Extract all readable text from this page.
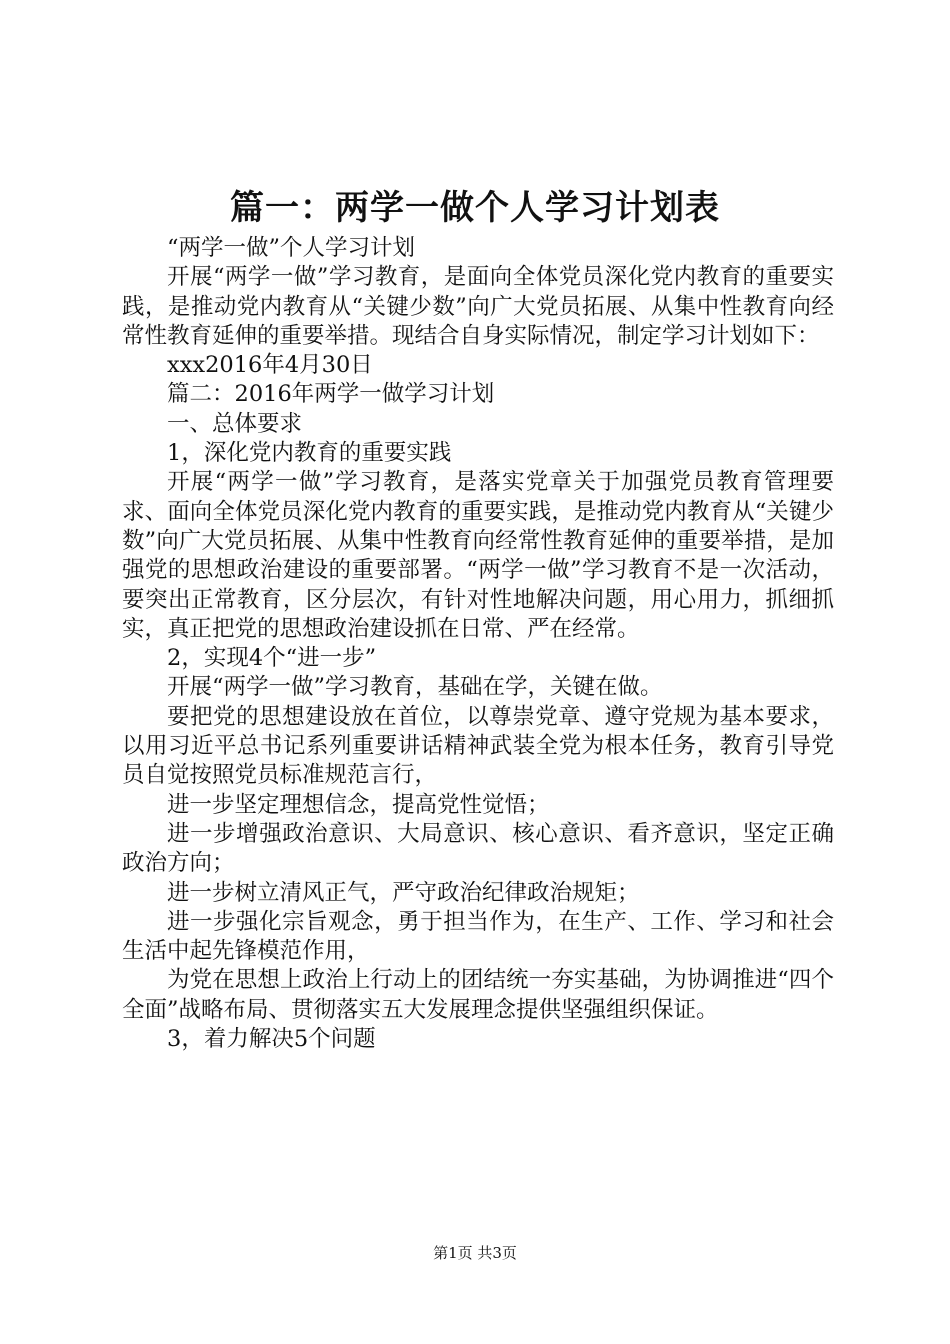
篇一：两学一做个人学习计划表

“两学一做”个人学习计划

开展“两学一做”学习教育，是面向全体党员深化党内教育的重要实践，是推动党内教育从“关键少数”向广大党员拓展、从集中性教育向经常性教育延伸的重要举措。现结合自身实际情况，制定学习计划如下：

xxx2016年4月30日

篇二：2016年两学一做学习计划

一、总体要求

1，深化党内教育的重要实践

开展“两学一做”学习教育，是落实党章关于加强党员教育管理要求、面向全体党员深化党内教育的重要实践，是推动党内教育从“关键少数”向广大党员拓展、从集中性教育向经常性教育延伸的重要举措，是加强党的思想政治建设的重要部署。“两学一做”学习教育不是一次活动，要突出正常教育，区分层次，有针对性地解决问题，用心用力，抓细抓实，真正把党的思想政治建设抓在日常、严在经常。

2，实现4个“进一步”

开展“两学一做”学习教育，基础在学，关键在做。

要把党的思想建设放在首位，以尊崇党章、遵守党规为基本要求，以用习近平总书记系列重要讲话精神武装全党为根本任务，教育引导党员自觉按照党员标准规范言行，

进一步坚定理想信念，提高党性觉悟；

进一步增强政治意识、大局意识、核心意识、看齐意识，坚定正确政治方向；

进一步树立清风正气，严守政治纪律政治规矩；

进一步强化宗旨观念，勇于担当作为，在生产、工作、学习和社会生活中起先锋模范作用，

为党在思想上政治上行动上的团结统一夯实基础，为协调推进“四个全面”战略布局、贯彻落实五大发展理念提供坚强组织保证。

3，着力解决5个问题

第1页 共3页
